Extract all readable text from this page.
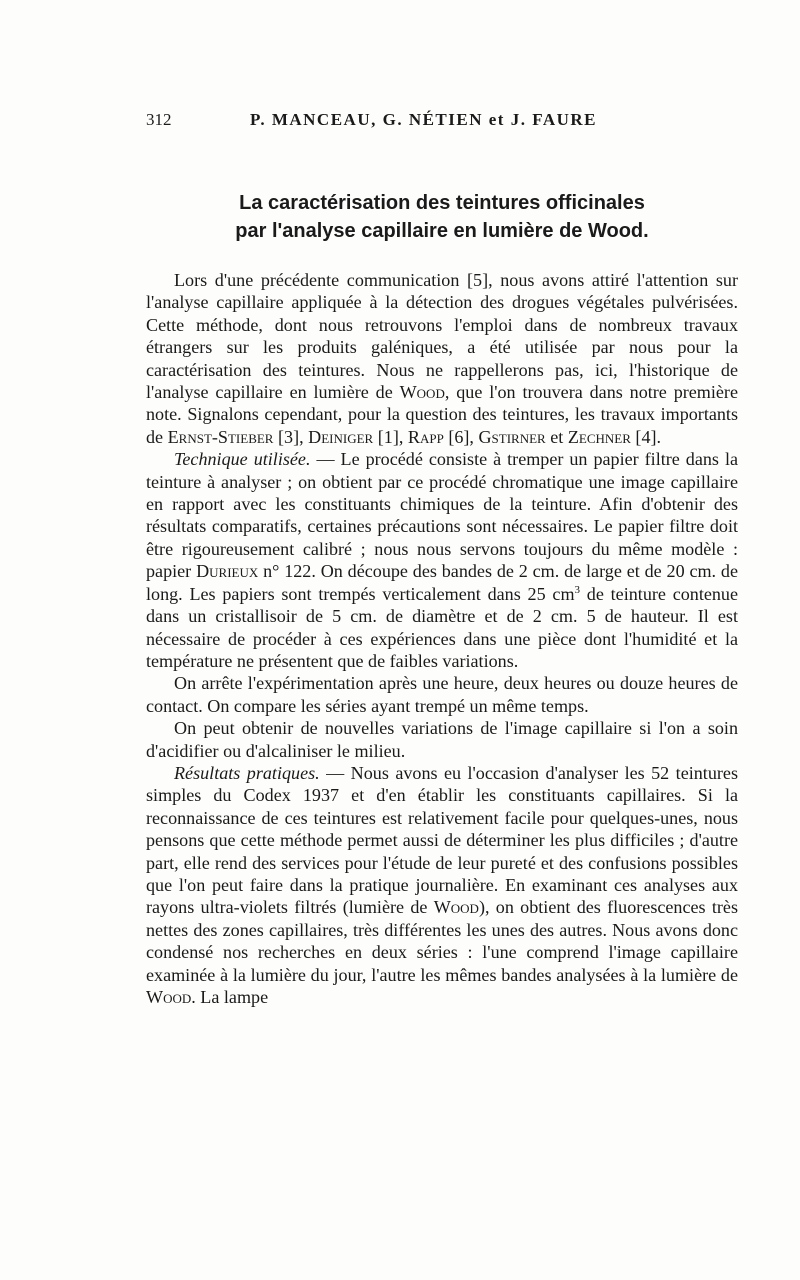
312	P. MANCEAU, G. NÉTIEN et J. FAURE
La caractérisation des teintures officinales
par l'analyse capillaire en lumière de Wood.

Lors d'une précédente communication [5], nous avons attiré l'attention sur l'analyse capillaire appliquée à la détection des drogues végétales pulvérisées. Cette méthode, dont nous retrouvons l'emploi dans de nombreux travaux étrangers sur les produits galéniques, a été utilisée par nous pour la caractérisation des teintures. Nous ne rappellerons pas, ici, l'historique de l'analyse capillaire en lumière de Wood, que l'on trouvera dans notre première note. Signalons cependant, pour la question des teintures, les travaux importants de Ernst-Stieber [3], Deiniger [1], Rapp [6], Gstirner et Zechner [4].

Technique utilisée. — Le procédé consiste à tremper un papier filtre dans la teinture à analyser ; on obtient par ce procédé chromatique une image capillaire en rapport avec les constituants chimiques de la teinture. Afin d'obtenir des résultats comparatifs, certaines précautions sont nécessaires. Le papier filtre doit être rigoureusement calibré ; nous nous servons toujours du même modèle : papier Durieux n° 122. On découpe des bandes de 2 cm. de large et de 20 cm. de long. Les papiers sont trempés verticalement dans 25 $cm^3$ de teinture contenue dans un cristallisoir de 5 cm. de diamètre et de 2 cm. 5 de hauteur. Il est nécessaire de procéder à ces expériences dans une pièce dont l'humidité et la température ne présentent que de faibles variations.

On arrête l'expérimentation après une heure, deux heures ou douze heures de contact. On compare les séries ayant trempé un même temps.

On peut obtenir de nouvelles variations de l'image capillaire si l'on a soin d'acidifier ou d'alcaliniser le milieu.

Résultats pratiques. — Nous avons eu l'occasion d'analyser les 52 teintures simples du Codex 1937 et d'en établir les constituants capillaires. Si la reconnaissance de ces teintures est relativement facile pour quelques-unes, nous pensons que cette méthode permet aussi de déterminer les plus difficiles ; d'autre part, elle rend des services pour l'étude de leur pureté et des confusions possibles que l'on peut faire dans la pratique journalière. En examinant ces analyses aux rayons ultra-violets filtrés (lumière de Wood), on obtient des fluorescences très nettes des zones capillaires, très différentes les unes des autres. Nous avons donc condensé nos recherches en deux séries : l'une comprend l'image capillaire examinée à la lumière du jour, l'autre les mêmes bandes analysées à la lumière de Wood. La lampe
